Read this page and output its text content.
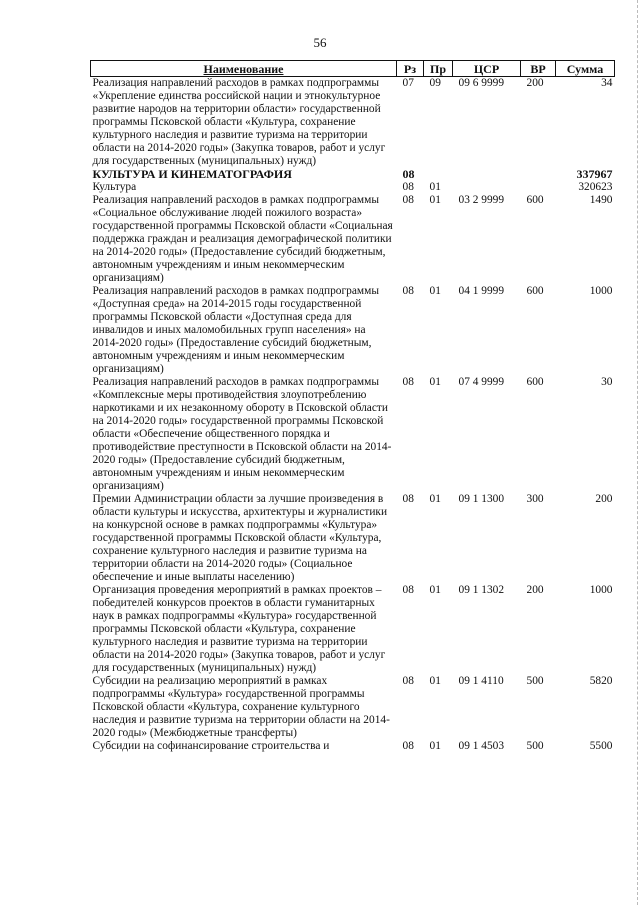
56
Наименование	Рз	Пр	ЦСР	ВР	Сумма
Реализация направлений расходов в рамках подпрограммы «Укрепление единства российской нации и этнокультурное развитие народов на территории области» государственной программы Псковской области «Культура, сохранение культурного наследия и развитие туризма на территории области на 2014-2020 годы» (Закупка товаров, работ и услуг для государственных (муниципальных) нужд)	07	09	09 6 9999	200	34
КУЛЬТУРА И КИНЕМАТОГРАФИЯ	08				337967
Культура	08	01			320623
Реализация направлений расходов в рамках подпрограммы «Социальное обслуживание людей пожилого возраста» государственной программы Псковской области «Социальная поддержка граждан и реализация демографической политики на 2014-2020 годы» (Предоставление субсидий бюджетным, автономным учреждениям и иным некоммерческим организациям)	08	01	03 2 9999	600	1490
Реализация направлений расходов в рамках подпрограммы «Доступная среда» на 2014-2015 годы государственной программы Псковской области «Доступная среда для инвалидов и иных маломобильных групп населения» на 2014-2020 годы» (Предоставление субсидий бюджетным, автономным учреждениям и иным некоммерческим организациям)	08	01	04 1 9999	600	1000
Реализация направлений расходов в рамках подпрограммы «Комплексные меры противодействия злоупотреблению наркотиками и их незаконному обороту в Псковской области на 2014-2020 годы» государственной программы Псковской области «Обеспечение общественного порядка и противодействие преступности в Псковской области на 2014-2020 годы» (Предоставление субсидий бюджетным, автономным учреждениям и иным некоммерческим организациям)	08	01	07 4 9999	600	30
Премии Администрации области за лучшие произведения в области культуры и искусства, архитектуры и журналистики на конкурсной основе в рамках подпрограммы «Культура» государственной программы Псковской области «Культура, сохранение культурного наследия и развитие туризма на территории области на 2014-2020 годы» (Социальное обеспечение и иные выплаты населению)	08	01	09 1 1300	300	200
Организация проведения мероприятий в рамках проектов – победителей конкурсов проектов в области гуманитарных наук в рамках подпрограммы «Культура» государственной программы Псковской области «Культура, сохранение культурного наследия и развитие туризма на территории области на 2014-2020 годы» (Закупка товаров, работ и услуг для государственных (муниципальных) нужд)	08	01	09 1 1302	200	1000
Субсидии на реализацию мероприятий в рамках подпрограммы «Культура» государственной программы Псковской области «Культура, сохранение культурного наследия и развитие туризма на территории области на 2014-2020 годы» (Межбюджетные трансферты)	08	01	09 1 4110	500	5820
Субсидии на софинансирование строительства и	08	01	09 1 4503	500	5500
